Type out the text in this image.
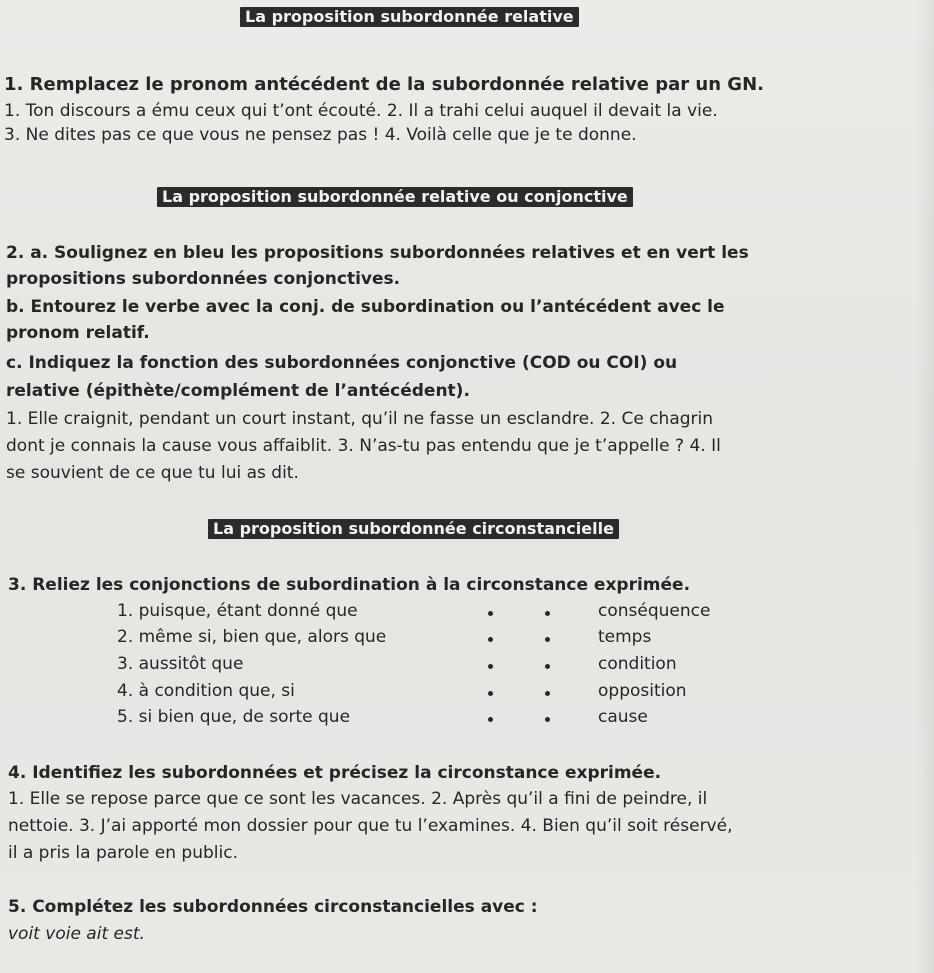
La proposition subordonnée relative
1. Remplacez le pronom antécédent de la subordonnée relative par un GN.
1. Ton discours a ému ceux qui t’ont écouté. 2. Il a trahi celui auquel il devait la vie.
3. Ne dites pas ce que vous ne pensez pas ! 4. Voilà celle que je te donne.
La proposition subordonnée relative ou conjonctive
2. a. Soulignez en bleu les propositions subordonnées relatives et en vert les
propositions subordonnées conjonctives.
b. Entourez le verbe avec la conj. de subordination ou l’antécédent avec le
pronom relatif.
c. Indiquez la fonction des subordonnées conjonctive (COD ou COI) ou
relative (épithète/complément de l’antécédent).
1. Elle craignit, pendant un court instant, qu’il ne fasse un esclandre. 2. Ce chagrin
dont je connais la cause vous affaiblit. 3. N’as-tu pas entendu que je t’appelle ? 4. Il
se souvient de ce que tu lui as dit.
La proposition subordonnée circonstancielle
3. Reliez les conjonctions de subordination à la circonstance exprimée.
1. puisque, étant donné que	conséquence
2. même si, bien que, alors que	temps
3. aussitôt que	condition
4. à condition que, si	opposition
5. si bien que, de sorte que	cause
4. Identifiez les subordonnées et précisez la circonstance exprimée.
1. Elle se repose parce que ce sont les vacances. 2. Après qu’il a fini de peindre, il
nettoie. 3. J’ai apporté mon dossier pour que tu l’examines. 4. Bien qu’il soit réservé,
il a pris la parole en public.
5. Complétez les subordonnées circonstancielles avec :
voit voie ait est.
